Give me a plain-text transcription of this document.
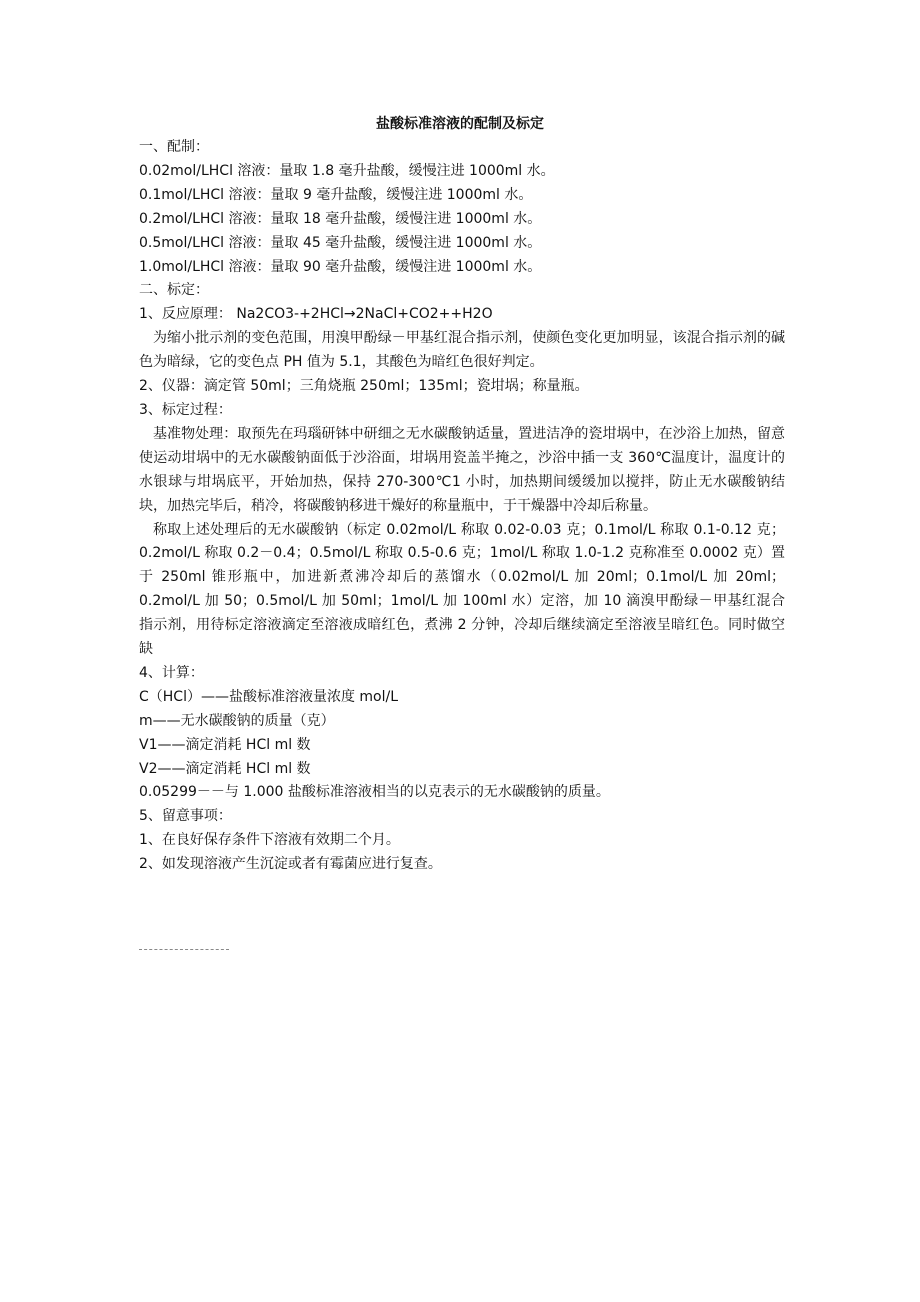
盐酸标准溶液的配制及标定

一、配制：

0.02mol/LHCl 溶液：量取 1.8 毫升盐酸，缓慢注进 1000ml 水。

0.1mol/LHCl 溶液：量取 9 毫升盐酸，缓慢注进 1000ml 水。

0.2mol/LHCl 溶液：量取 18 毫升盐酸，缓慢注进 1000ml 水。

0.5mol/LHCl 溶液：量取 45 毫升盐酸，缓慢注进 1000ml 水。

1.0mol/LHCl 溶液：量取 90 毫升盐酸，缓慢注进 1000ml 水。

二、标定：

1、反应原理： Na2CO3-+2HCl→2NaCl+CO2++H2O

为缩小批示剂的变色范围，用溴甲酚绿－甲基红混合指示剂，使颜色变化更加明显，该混合指示剂的碱色为暗绿，它的变色点 PH 值为 5.1，其酸色为暗红色很好判定。

2、仪器：滴定管 50ml；三角烧瓶 250ml；135ml；瓷坩埚；称量瓶。

3、标定过程：

基准物处理：取预先在玛瑙研钵中研细之无水碳酸钠适量，置进洁净的瓷坩埚中，在沙浴上加热，留意使运动坩埚中的无水碳酸钠面低于沙浴面，坩埚用瓷盖半掩之，沙浴中插一支 360℃温度计，温度计的水银球与坩埚底平，开始加热，保持 270-300℃1 小时，加热期间缓缓加以搅拌，防止无水碳酸钠结块，加热完毕后，稍冷，将碳酸钠移进干燥好的称量瓶中，于干燥器中冷却后称量。

称取上述处理后的无水碳酸钠（标定 0.02mol/L 称取 0.02-0.03 克；0.1mol/L 称取 0.1-0.12 克；0.2mol/L 称取 0.2－0.4；0.5mol/L 称取 0.5-0.6 克；1mol/L 称取 1.0-1.2 克称准至 0.0002 克）置于 250ml 锥形瓶中，加进新煮沸冷却后的蒸馏水（0.02mol/L 加 20ml；0.1mol/L 加 20ml；0.2mol/L 加 50；0.5mol/L 加 50ml；1mol/L 加 100ml 水）定溶，加 10 滴溴甲酚绿－甲基红混合指示剂，用待标定溶液滴定至溶液成暗红色，煮沸 2 分钟，冷却后继续滴定至溶液呈暗红色。同时做空缺

4、计算：

C（HCl）——盐酸标准溶液量浓度 mol/L

m——无水碳酸钠的质量（克）

V1——滴定消耗 HCl ml 数

V2——滴定消耗 HCl ml 数

0.05299－－与 1.000 盐酸标准溶液相当的以克表示的无水碳酸钠的质量。

5、留意事项：

1、在良好保存条件下溶液有效期二个月。

2、如发现溶液产生沉淀或者有霉菌应进行复查。
